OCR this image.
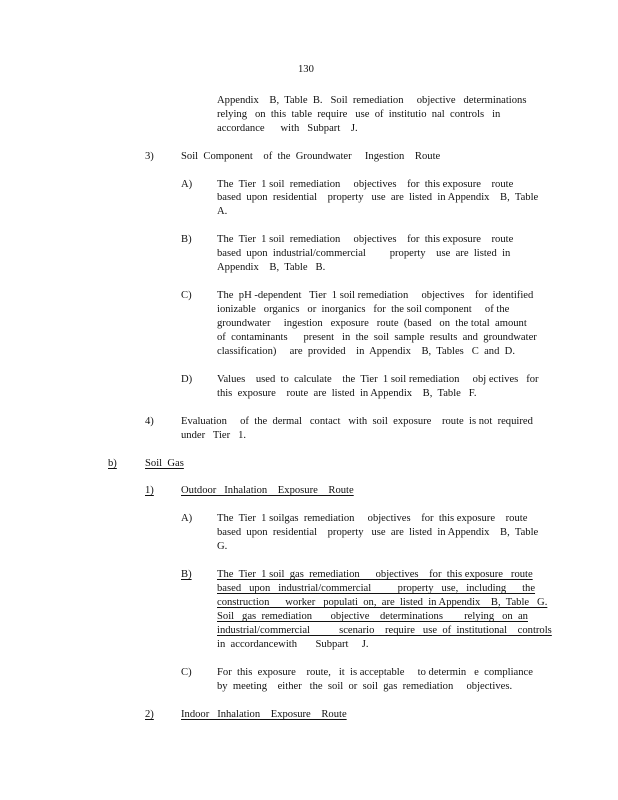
130
Appendix    B,  Table  B.   Soil  remediation     objective   determinations
relying   on  this  table  require   use  of  institutio  nal  controls   in
accordance      with   Subpart    J.
3)	Soil  Component    of  the  Groundwater     Ingestion    Route
A) The  Tier  1 soil  remediation     objectives    for  this exposure    route
based  upon  residential    property   use  are  listed  in Appendix    B,  Table
A.
B) The  Tier  1 soil  remediation     objectives    for  this exposure    route
based  upon  industrial/commercial         property    use  are  listed  in
Appendix    B,  Table   B.
C) The  pH -dependent   Tier  1 soil remediation     objectives    for  identified
ionizable   organics   or  inorganics   for  the soil component     of the
groundwater     ingestion   exposure   route  (based   on  the total  amount
of  contaminants      present   in  the  soil  sample  results  and  groundwater
classification)     are  provided    in  Appendix    B,  Tables   C  and  D.
D) Values    used  to  calculate    the  Tier  1 soil remediation     obj ectives   for
this  exposure    route  are  listed  in Appendix    B,  Table   F.
4)	Evaluation     of  the  dermal   contact   with  soil  exposure    route  is not  required
under   Tier   1.
b)	Soil  Gas
1)	Outdoor   Inhalation    Exposure    Route
A) The  Tier  1 soilgas  remediation     objectives    for  this exposure    route
based  upon  residential    property   use  are  listed  in Appendix    B,  Table
G.
B) The  Tier  1 soil  gas  remediation      objectives    for  this exposure   route
based   upon   industrial/commercial          property   use,   including      the
construction      worker   populati  on,  are  listed  in Appendix    B,  Table   G.
Soil   gas  remediation       objective    determinations        relying   on  an
industrial/commercial           scenario    require   use  of  institutional    controls
in  accordancewith       Subpart     J.
C) For  this  exposure    route,   it  is acceptable     to determin   e  compliance
by  meeting    either   the  soil  or  soil  gas  remediation     objectives.
2)	Indoor   Inhalation    Exposure    Route
